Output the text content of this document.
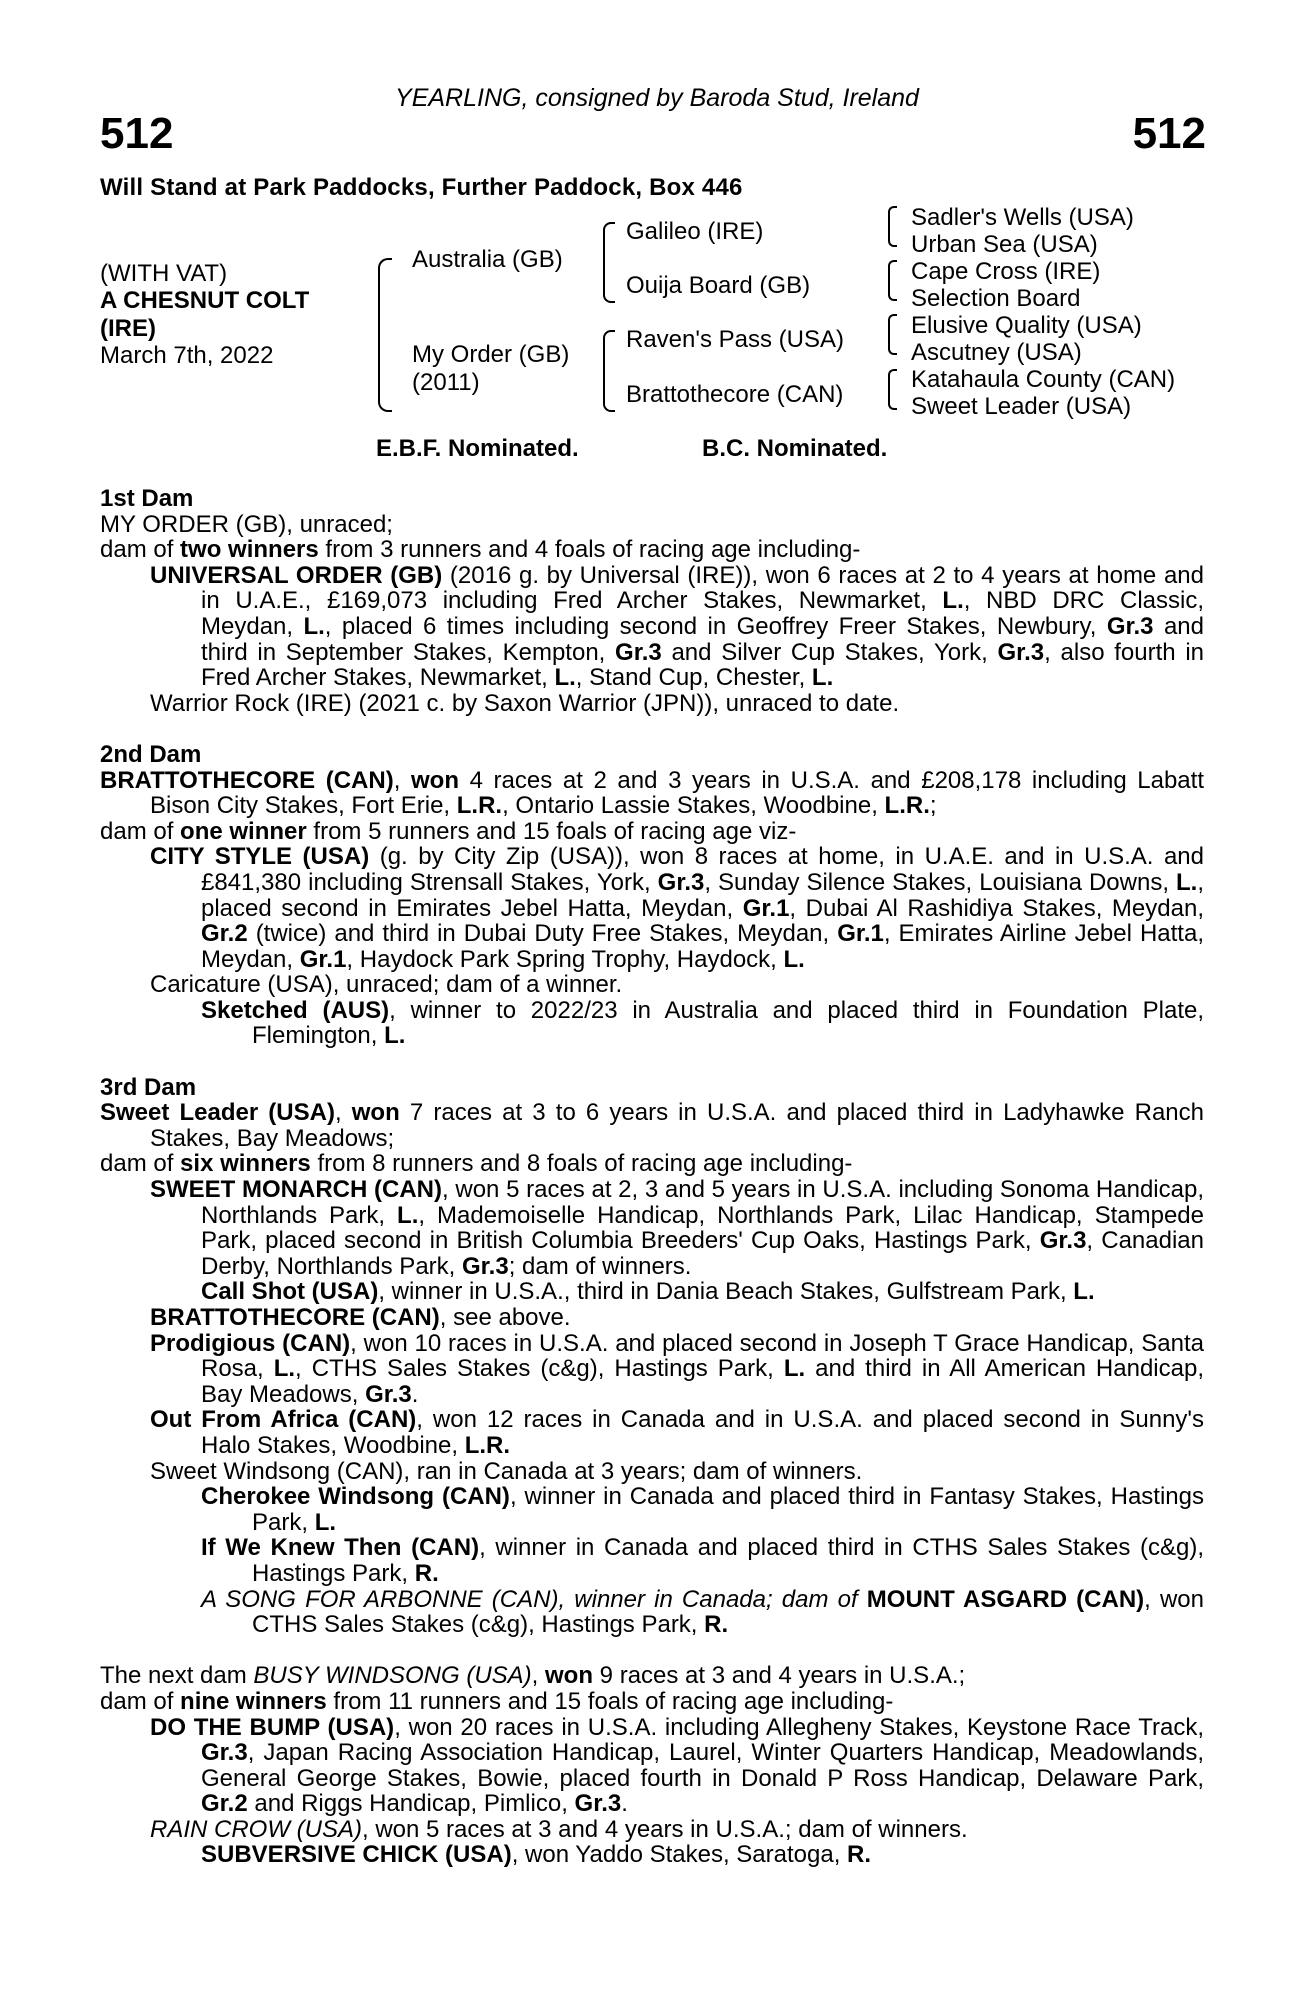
YEARLING, consigned by Baroda Stud, Ireland
512	512
Will Stand at Park Paddocks, Further Paddock, Box 446
(WITH VAT)
A CHESNUT COLT
(IRE)
March 7th, 2022
Australia (GB)
My Order (GB)
(2011)
Galileo (IRE)
Ouija Board (GB)
Raven's Pass (USA)
Brattothecore (CAN)
Sadler's Wells (USA)
Urban Sea (USA)
Cape Cross (IRE)
Selection Board
Elusive Quality (USA)
Ascutney (USA)
Katahaula County (CAN)
Sweet Leader (USA)
E.B.F. Nominated.	B.C. Nominated.

1st Dam

MY ORDER (GB), unraced;

dam of two winners from 3 runners and 4 foals of racing age including-

UNIVERSAL ORDER (GB) (2016 g. by Universal (IRE)), won 6 races at 2 to 4 years at home and in U.A.E., £169,073 including Fred Archer Stakes, Newmarket, L., NBD DRC Classic, Meydan, L., placed 6 times including second in Geoffrey Freer Stakes, Newbury, Gr.3 and third in September Stakes, Kempton, Gr.3 and Silver Cup Stakes, York, Gr.3, also fourth in Fred Archer Stakes, Newmarket, L., Stand Cup, Chester, L.

Warrior Rock (IRE) (2021 c. by Saxon Warrior (JPN)), unraced to date.

2nd Dam

BRATTOTHECORE (CAN), won 4 races at 2 and 3 years in U.S.A. and £208,178 including Labatt Bison City Stakes, Fort Erie, L.R., Ontario Lassie Stakes, Woodbine, L.R.;

dam of one winner from 5 runners and 15 foals of racing age viz-

CITY STYLE (USA) (g. by City Zip (USA)), won 8 races at home, in U.A.E. and in U.S.A. and £841,380 including Strensall Stakes, York, Gr.3, Sunday Silence Stakes, Louisiana Downs, L., placed second in Emirates Jebel Hatta, Meydan, Gr.1, Dubai Al Rashidiya Stakes, Meydan, Gr.2 (twice) and third in Dubai Duty Free Stakes, Meydan, Gr.1, Emirates Airline Jebel Hatta, Meydan, Gr.1, Haydock Park Spring Trophy, Haydock, L.

Caricature (USA), unraced; dam of a winner.

Sketched (AUS), winner to 2022/23 in Australia and placed third in Foundation Plate, Flemington, L.

3rd Dam

Sweet Leader (USA), won 7 races at 3 to 6 years in U.S.A. and placed third in Ladyhawke Ranch Stakes, Bay Meadows;

dam of six winners from 8 runners and 8 foals of racing age including-

SWEET MONARCH (CAN), won 5 races at 2, 3 and 5 years in U.S.A. including Sonoma Handicap, Northlands Park, L., Mademoiselle Handicap, Northlands Park, Lilac Handicap, Stampede Park, placed second in British Columbia Breeders' Cup Oaks, Hastings Park, Gr.3, Canadian Derby, Northlands Park, Gr.3; dam of winners.

Call Shot (USA), winner in U.S.A., third in Dania Beach Stakes, Gulfstream Park, L.

BRATTOTHECORE (CAN), see above.

Prodigious (CAN), won 10 races in U.S.A. and placed second in Joseph T Grace Handicap, Santa Rosa, L., CTHS Sales Stakes (c&g), Hastings Park, L. and third in All American Handicap, Bay Meadows, Gr.3.

Out From Africa (CAN), won 12 races in Canada and in U.S.A. and placed second in Sunny's Halo Stakes, Woodbine, L.R.

Sweet Windsong (CAN), ran in Canada at 3 years; dam of winners.

Cherokee Windsong (CAN), winner in Canada and placed third in Fantasy Stakes, Hastings Park, L.

If We Knew Then (CAN), winner in Canada and placed third in CTHS Sales Stakes (c&g), Hastings Park, R.

A SONG FOR ARBONNE (CAN), winner in Canada; dam of MOUNT ASGARD (CAN), won CTHS Sales Stakes (c&g), Hastings Park, R.

The next dam BUSY WINDSONG (USA), won 9 races at 3 and 4 years in U.S.A.;

dam of nine winners from 11 runners and 15 foals of racing age including-

DO THE BUMP (USA), won 20 races in U.S.A. including Allegheny Stakes, Keystone Race Track, Gr.3, Japan Racing Association Handicap, Laurel, Winter Quarters Handicap, Meadowlands, General George Stakes, Bowie, placed fourth in Donald P Ross Handicap, Delaware Park, Gr.2 and Riggs Handicap, Pimlico, Gr.3.

RAIN CROW (USA), won 5 races at 3 and 4 years in U.S.A.; dam of winners.

SUBVERSIVE CHICK (USA), won Yaddo Stakes, Saratoga, R.
